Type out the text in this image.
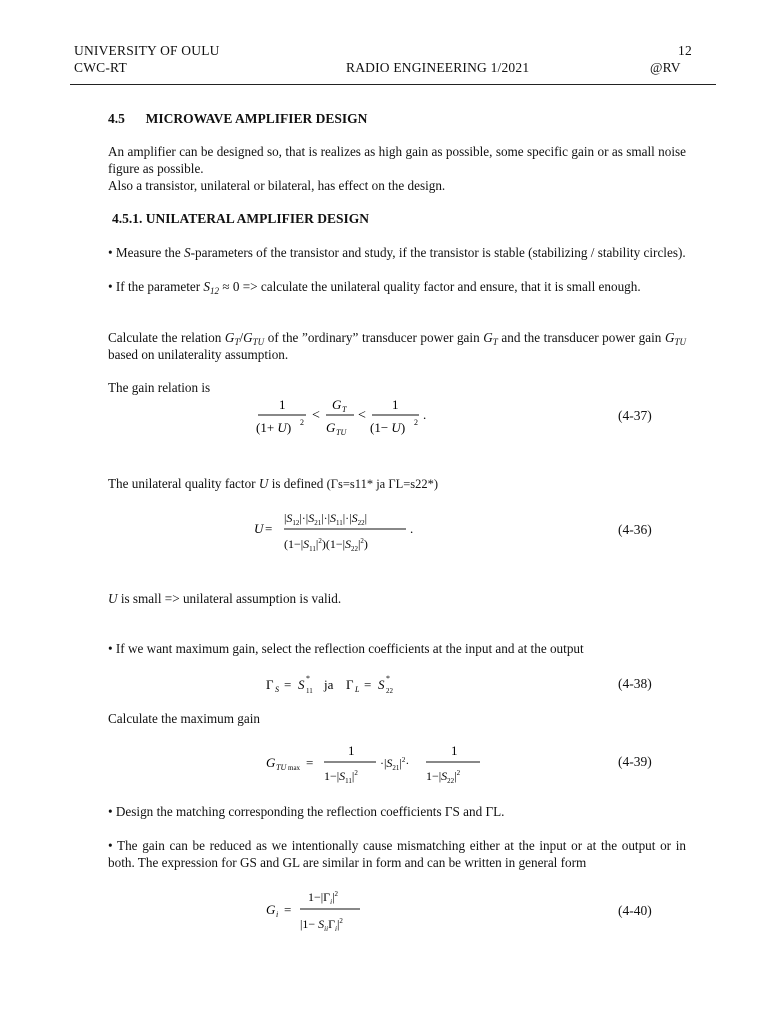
UNIVERSITY OF OULU	12
CWC-RT	RADIO ENGINEERING 1/2021	@RV
4.5 MICROWAVE AMPLIFIER DESIGN
An amplifier can be designed so, that is realizes as high gain as possible, some specific gain or as small noise figure as possible.
Also a transistor, unilateral or bilateral, has effect on the design.
4.5.1. UNILATERAL AMPLIFIER DESIGN
• Measure the S-parameters of the transistor and study, if the transistor is stable (stabilizing / stability circles).
• If the parameter $S_{12} \approx 0$ => calculate the unilateral quality factor and ensure, that it is small enough.
Calculate the relation $G_T/G_{TU}$ of the ”ordinary” transducer power gain $G_T$ and the transducer power gain $G_{TU}$ based on unilaterality assumption.
The gain relation is
1
(1+ U) 2 <
G T
G TU
<
1
(1− U) 2
.	(4-37)
The unilateral quality factor U is defined (Γs=s11* ja ΓL=s22*)
U =
$|S_{12}|\cdot|S_{21}|\cdot|S_{11}|\cdot|S_{22}|$
$(1-|S_{11}|^2)(1-|S_{22}|^2)$
.	(4-36)
U is small => unilateral assumption is valid.
• If we want maximum gain, select the reflection coefficients at the input and at the output
Γ S = S *
11 ja Γ L = S *
22	(4-38)
Calculate the maximum gain
G TU max =
1
$1-|S_{11}|^2$
$\cdot|S_{21}|^2\cdot$
1
$1-|S_{22}|^2$
(4-39)
• Design the matching corresponding the reflection coefficients ΓS and ΓL.
• The gain can be reduced as we intentionally cause mismatching either at the input or at the output or in both. The expression for GS and GL are similar in form and can be written in general form
G i =
$1-|\Gamma_i|^2$
$|1- S_{ii}\Gamma_i|^2$
(4-40)
